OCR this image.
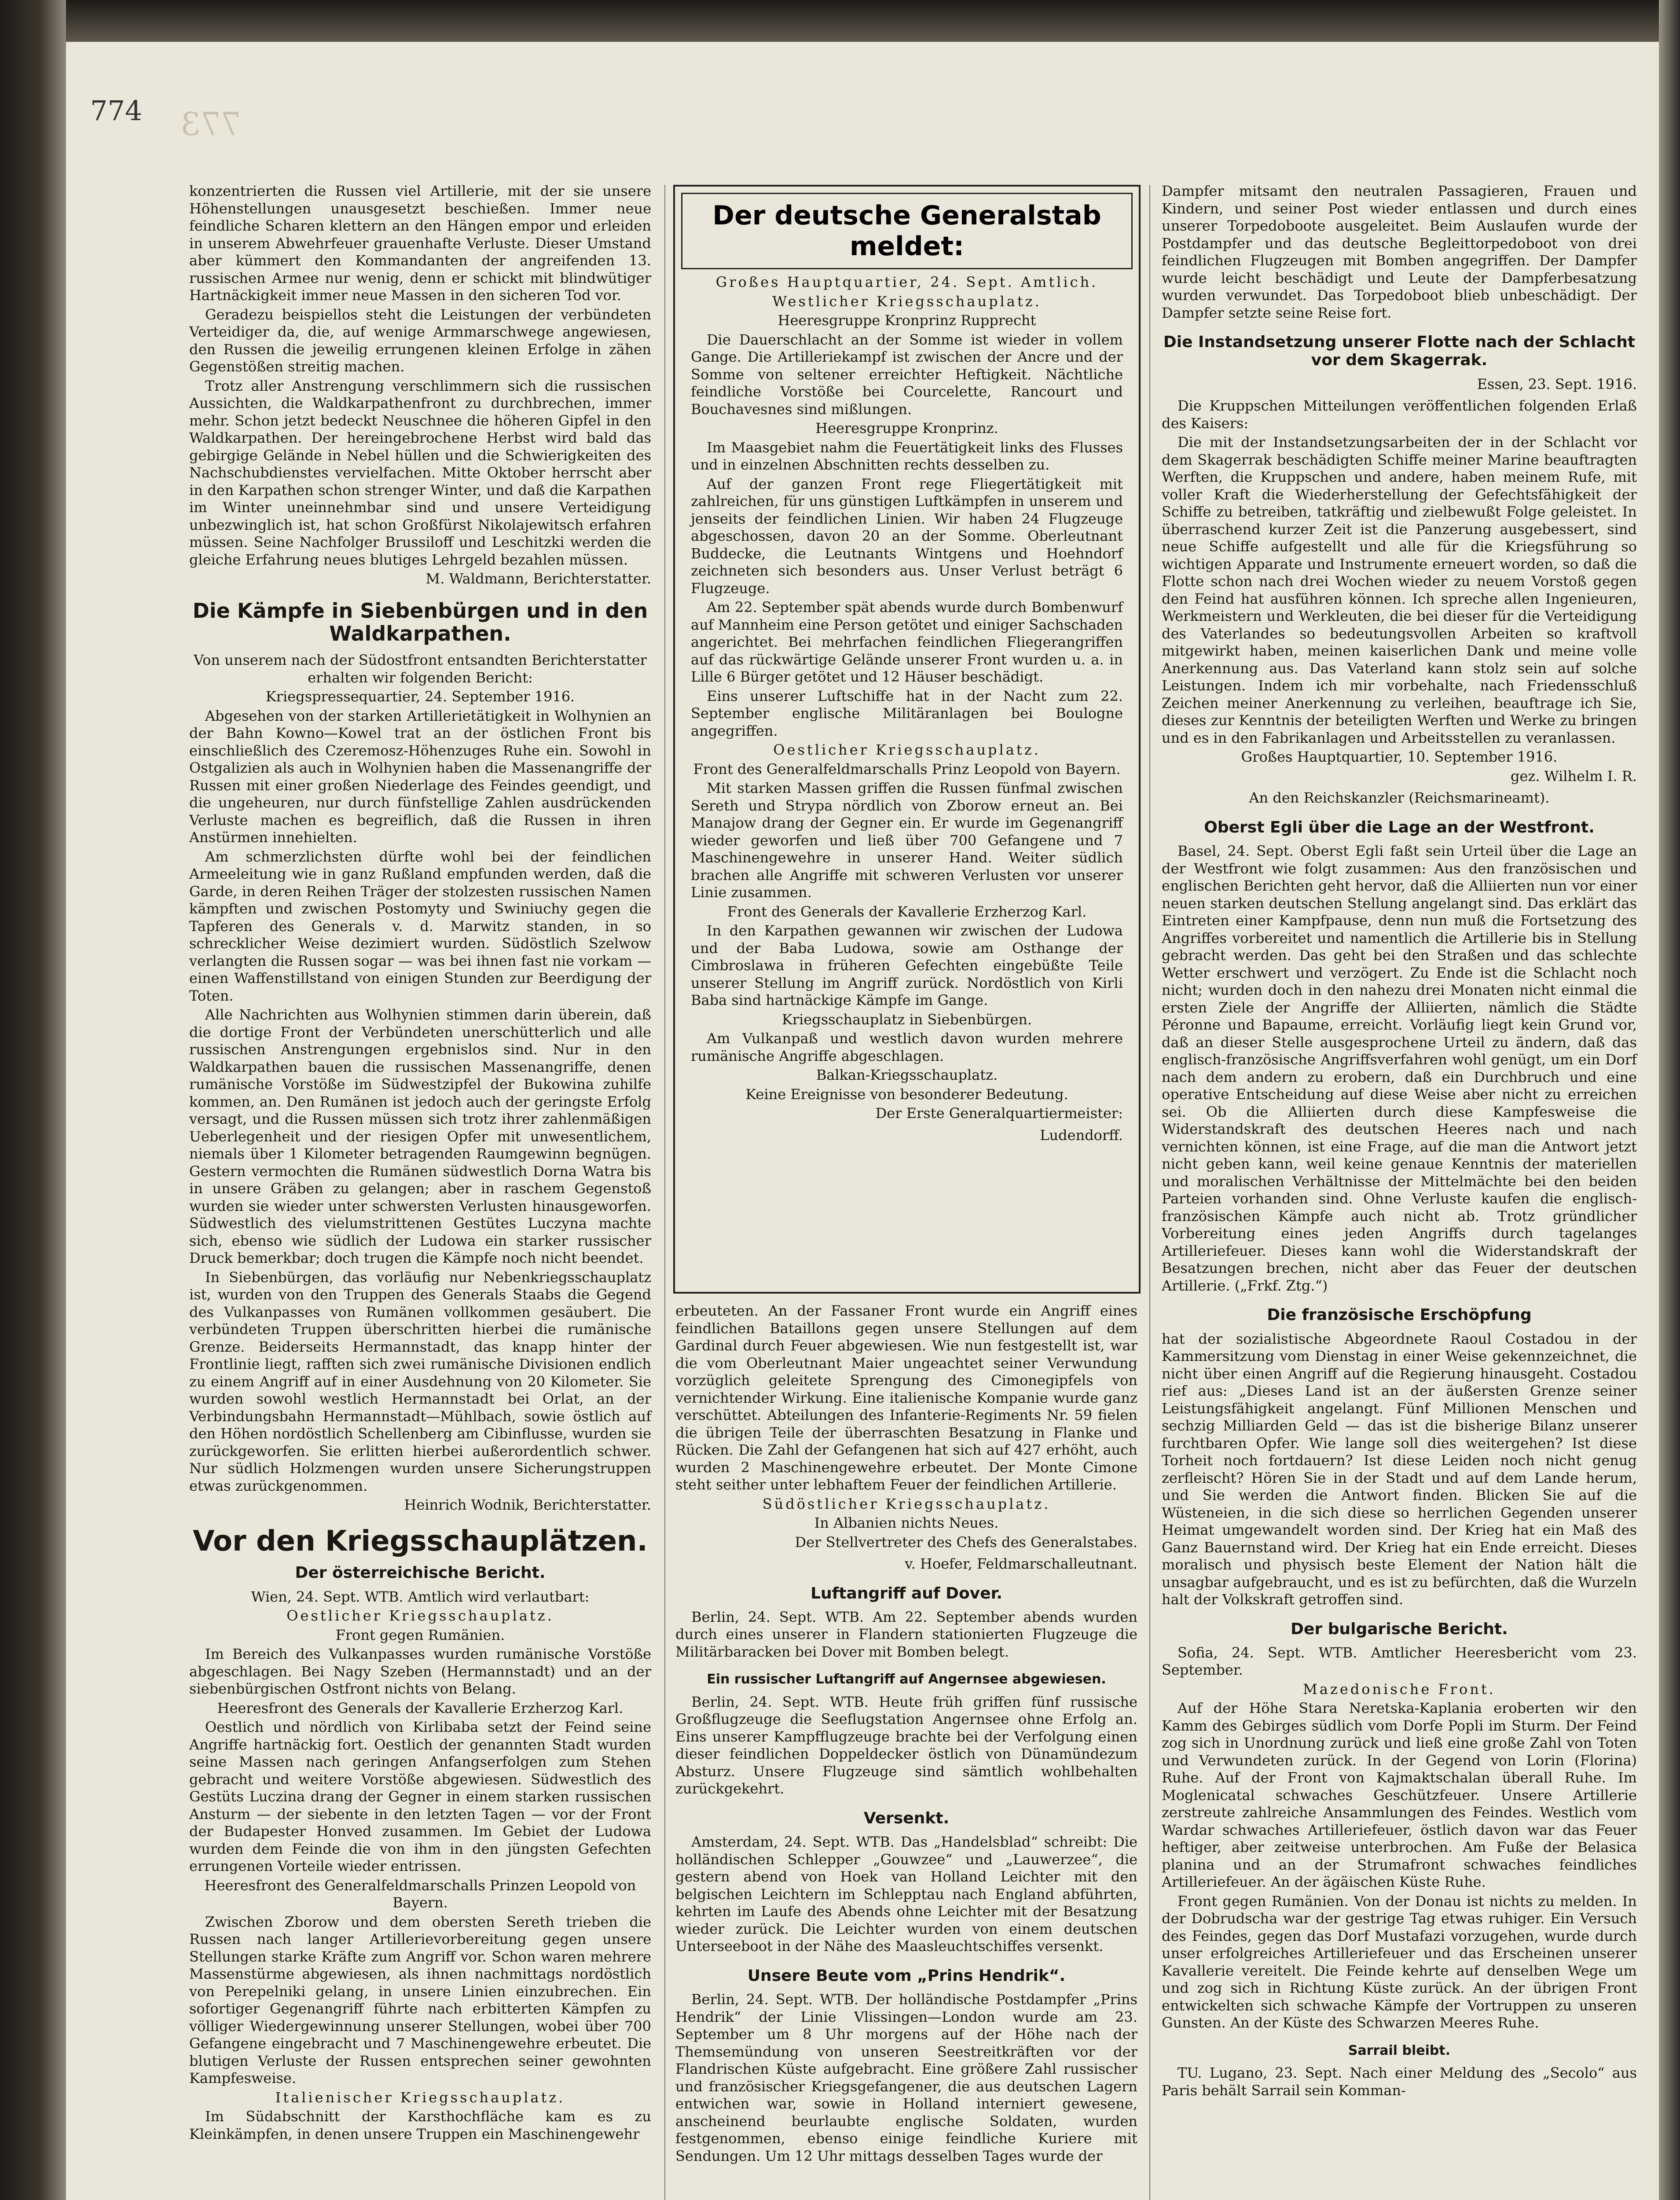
774 773

konzentrierten die Russen viel Artillerie, mit der sie unsere Höhenstellungen unausgesetzt beschießen. Immer neue feindliche Scharen klettern an den Hängen empor und erleiden in unserem Abwehrfeuer grauenhafte Verluste. Dieser Umstand aber kümmert den Kommandanten der angreifenden 13. russischen Armee nur wenig, denn er schickt mit blindwütiger Hartnäckigkeit immer neue Massen in den sicheren Tod vor.

Geradezu beispiellos steht die Leistungen der verbündeten Verteidiger da, die, auf wenige Armmarschwege angewiesen, den Russen die jeweilig errungenen kleinen Erfolge in zähen Gegenstößen streitig machen.

Trotz aller Anstrengung verschlimmern sich die russischen Aussichten, die Waldkarpathenfront zu durchbrechen, immer mehr. Schon jetzt bedeckt Neuschnee die höheren Gipfel in den Waldkarpathen. Der hereingebrochene Herbst wird bald das gebirgige Gelände in Nebel hüllen und die Schwierigkeiten des Nachschubdienstes vervielfachen. Mitte Oktober herrscht aber in den Karpathen schon strenger Winter, und daß die Karpathen im Winter uneinnehmbar sind und unsere Verteidigung unbezwinglich ist, hat schon Großfürst Nikolajewitsch erfahren müssen. Seine Nachfolger Brussiloff und Leschitzki werden die gleiche Erfahrung neues blutiges Lehrgeld bezahlen müssen.

M. Waldmann, Berichterstatter.
Die Kämpfe in Siebenbürgen und in den Waldkarpathen.
Von unserem nach der Südostfront entsandten Berichterstatter erhalten wir folgenden Bericht:
Kriegspressequartier, 24. September 1916.

Abgesehen von der starken Artillerietätigkeit in Wolhynien an der Bahn Kowno—Kowel trat an der östlichen Front bis einschließlich des Czeremosz-Höhenzuges Ruhe ein. Sowohl in Ostgalizien als auch in Wolhynien haben die Massenangriffe der Russen mit einer großen Niederlage des Feindes geendigt, und die ungeheuren, nur durch fünfstellige Zahlen ausdrückenden Verluste machen es begreiflich, daß die Russen in ihren Anstürmen innehielten.

Am schmerzlichsten dürfte wohl bei der feindlichen Armeeleitung wie in ganz Rußland empfunden werden, daß die Garde, in deren Reihen Träger der stolzesten russischen Namen kämpften und zwischen Postomyty und Swiniuchy gegen die Tapferen des Generals v. d. Marwitz standen, in so schrecklicher Weise dezimiert wurden. Südöstlich Szelwow verlangten die Russen sogar — was bei ihnen fast nie vorkam — einen Waffenstillstand von einigen Stunden zur Beerdigung der Toten.

Alle Nachrichten aus Wolhynien stimmen darin überein, daß die dortige Front der Verbündeten unerschütterlich und alle russischen Anstrengungen ergebnislos sind. Nur in den Waldkarpathen bauen die russischen Massenangriffe, denen rumänische Vorstöße im Südwestzipfel der Bukowina zuhilfe kommen, an. Den Rumänen ist jedoch auch der geringste Erfolg versagt, und die Russen müssen sich trotz ihrer zahlenmäßigen Ueberlegenheit und der riesigen Opfer mit unwesentlichem, niemals über 1 Kilometer betragenden Raumgewinn begnügen. Gestern vermochten die Rumänen südwestlich Dorna Watra bis in unsere Gräben zu gelangen; aber in raschem Gegenstoß wurden sie wieder unter schwersten Verlusten hinausgeworfen. Südwestlich des vielumstrittenen Gestütes Luczyna machte sich, ebenso wie südlich der Ludowa ein starker russischer Druck bemerkbar; doch trugen die Kämpfe noch nicht beendet.

In Siebenbürgen, das vorläufig nur Nebenkriegsschauplatz ist, wurden von den Truppen des Generals Staabs die Gegend des Vulkanpasses von Rumänen vollkommen gesäubert. Die verbündeten Truppen überschritten hierbei die rumänische Grenze. Beiderseits Hermannstadt, das knapp hinter der Frontlinie liegt, rafften sich zwei rumänische Divisionen endlich zu einem Angriff auf in einer Ausdehnung von 20 Kilometer. Sie wurden sowohl westlich Hermannstadt bei Orlat, an der Verbindungsbahn Hermannstadt—Mühlbach, sowie östlich auf den Höhen nordöstlich Schellenberg am Cibinflusse, wurden sie zurückgeworfen. Sie erlitten hierbei außerordentlich schwer. Nur südlich Holzmengen wurden unsere Sicherungstruppen etwas zurückgenommen.

Heinrich Wodnik, Berichterstatter.
Vor den Kriegsschauplätzen.
Der österreichische Bericht.
Wien, 24. Sept. WTB. Amtlich wird verlautbart:
Oestlicher Kriegsschauplatz.
Front gegen Rumänien.

Im Bereich des Vulkanpasses wurden rumänische Vorstöße abgeschlagen. Bei Nagy Szeben (Hermannstadt) und an der siebenbürgischen Ostfront nichts von Belang.

Heeresfront des Generals der Kavallerie Erzherzog Karl.

Oestlich und nördlich von Kirlibaba setzt der Feind seine Angriffe hartnäckig fort. Oestlich der genannten Stadt wurden seine Massen nach geringen Anfangserfolgen zum Stehen gebracht und weitere Vorstöße abgewiesen. Südwestlich des Gestüts Luczina drang der Gegner in einem starken russischen Ansturm — der siebente in den letzten Tagen — vor der Front der Budapester Honved zusammen. Im Gebiet der Ludowa wurden dem Feinde die von ihm in den jüngsten Gefechten errungenen Vorteile wieder entrissen.

Heeresfront des Generalfeldmarschalls Prinzen Leopold von Bayern.

Zwischen Zborow und dem obersten Sereth trieben die Russen nach langer Artillerievorbereitung gegen unsere Stellungen starke Kräfte zum Angriff vor. Schon waren mehrere Massenstürme abgewiesen, als ihnen nachmittags nordöstlich von Perepelniki gelang, in unsere Linien einzubrechen. Ein sofortiger Gegenangriff führte nach erbitterten Kämpfen zu völliger Wiedergewinnung unserer Stellungen, wobei über 700 Gefangene eingebracht und 7 Maschinengewehre erbeutet. Die blutigen Verluste der Russen entsprechen seiner gewohnten Kampfesweise.

Italienischer Kriegsschauplatz.

Im Südabschnitt der Karsthochfläche kam es zu Kleinkämpfen, in denen unsere Truppen ein Maschinengewehr

Der deutsche Generalstab meldet:
Großes Hauptquartier, 24. Sept. Amtlich.
Westlicher Kriegsschauplatz.
Heeresgruppe Kronprinz Rupprecht

Die Dauerschlacht an der Somme ist wieder in vollem Gange. Die Artilleriekampf ist zwischen der Ancre und der Somme von seltener erreichter Heftigkeit. Nächtliche feindliche Vorstöße bei Courcelette, Rancourt und Bouchavesnes sind mißlungen.

Heeresgruppe Kronprinz.

Im Maasgebiet nahm die Feuertätigkeit links des Flusses und in einzelnen Abschnitten rechts desselben zu.

Auf der ganzen Front rege Fliegertätigkeit mit zahlreichen, für uns günstigen Luftkämpfen in unserem und jenseits der feindlichen Linien. Wir haben 24 Flugzeuge abgeschossen, davon 20 an der Somme. Oberleutnant Buddecke, die Leutnants Wintgens und Hoehndorf zeichneten sich besonders aus. Unser Verlust beträgt 6 Flugzeuge.

Am 22. September spät abends wurde durch Bombenwurf auf Mannheim eine Person getötet und einiger Sachschaden angerichtet. Bei mehrfachen feindlichen Fliegerangriffen auf das rückwärtige Gelände unserer Front wurden u. a. in Lille 6 Bürger getötet und 12 Häuser beschädigt.

Eins unserer Luftschiffe hat in der Nacht zum 22. September englische Militäranlagen bei Boulogne angegriffen.

Oestlicher Kriegsschauplatz.
Front des Generalfeldmarschalls Prinz Leopold von Bayern.

Mit starken Massen griffen die Russen fünfmal zwischen Sereth und Strypa nördlich von Zborow erneut an. Bei Manajow drang der Gegner ein. Er wurde im Gegenangriff wieder geworfen und ließ über 700 Gefangene und 7 Maschinengewehre in unserer Hand. Weiter südlich brachen alle Angriffe mit schweren Verlusten vor unserer Linie zusammen.

Front des Generals der Kavallerie Erzherzog Karl.

In den Karpathen gewannen wir zwischen der Ludowa und der Baba Ludowa, sowie am Osthange der Cimbroslawa in früheren Gefechten eingebüßte Teile unserer Stellung im Angriff zurück. Nordöstlich von Kirli Baba sind hartnäckige Kämpfe im Gange.

Kriegsschauplatz in Siebenbürgen.

Am Vulkanpaß und westlich davon wurden mehrere rumänische Angriffe abgeschlagen.

Balkan-Kriegsschauplatz.
Keine Ereignisse von besonderer Bedeutung.
Der Erste Generalquartiermeister:
Ludendorff.

erbeuteten. An der Fassaner Front wurde ein Angriff eines feindlichen Bataillons gegen unsere Stellungen auf dem Gardinal durch Feuer abgewiesen. Wie nun festgestellt ist, war die vom Oberleutnant Maier ungeachtet seiner Verwundung vorzüglich geleitete Sprengung des Cimonegipfels von vernichtender Wirkung. Eine italienische Kompanie wurde ganz verschüttet. Abteilungen des Infanterie-Regiments Nr. 59 fielen die übrigen Teile der überraschten Besatzung in Flanke und Rücken. Die Zahl der Gefangenen hat sich auf 427 erhöht, auch wurden 2 Maschinengewehre erbeutet. Der Monte Cimone steht seither unter lebhaftem Feuer der feindlichen Artillerie.

Südöstlicher Kriegsschauplatz.
In Albanien nichts Neues.
Der Stellvertreter des Chefs des Generalstabes.
v. Hoefer, Feldmarschalleutnant.
Luftangriff auf Dover.

Berlin, 24. Sept. WTB. Am 22. September abends wurden durch eines unserer in Flandern stationierten Flugzeuge die Militärbaracken bei Dover mit Bomben belegt.

Ein russischer Luftangriff auf Angernsee abgewiesen.

Berlin, 24. Sept. WTB. Heute früh griffen fünf russische Großflugzeuge die Seeflugstation Angernsee ohne Erfolg an. Eins unserer Kampfflugzeuge brachte bei der Verfolgung einen dieser feindlichen Doppeldecker östlich von Dünamündezum Absturz. Unsere Flugzeuge sind sämtlich wohlbehalten zurückgekehrt.

Versenkt.

Amsterdam, 24. Sept. WTB. Das „Handelsblad“ schreibt: Die holländischen Schlepper „Gouwzee“ und „Lauwerzee“, die gestern abend von Hoek van Holland Leichter mit den belgischen Leichtern im Schlepptau nach England abführten, kehrten im Laufe des Abends ohne Leichter mit der Besatzung wieder zurück. Die Leichter wurden von einem deutschen Unterseeboot in der Nähe des Maasleuchtschiffes versenkt.

Unsere Beute vom „Prins Hendrik“.

Berlin, 24. Sept. WTB. Der holländische Postdampfer „Prins Hendrik“ der Linie Vlissingen—London wurde am 23. September um 8 Uhr morgens auf der Höhe nach der Themsemündung von unseren Seestreitkräften vor der Flandrischen Küste aufgebracht. Eine größere Zahl russischer und französischer Kriegsgefangener, die aus deutschen Lagern entwichen war, sowie in Holland interniert gewesene, anscheinend beurlaubte englische Soldaten, wurden festgenommen, ebenso einige feindliche Kuriere mit Sendungen. Um 12 Uhr mittags desselben Tages wurde der

Dampfer mitsamt den neutralen Passagieren, Frauen und Kindern, und seiner Post wieder entlassen und durch eines unserer Torpedoboote ausgeleitet. Beim Auslaufen wurde der Postdampfer und das deutsche Begleittorpedoboot von drei feindlichen Flugzeugen mit Bomben angegriffen. Der Dampfer wurde leicht beschädigt und Leute der Dampferbesatzung wurden verwundet. Das Torpedoboot blieb unbeschädigt. Der Dampfer setzte seine Reise fort.

Die Instandsetzung unserer Flotte nach der Schlacht vor dem Skagerrak.
Essen, 23. Sept. 1916.

Die Kruppschen Mitteilungen veröffentlichen folgenden Erlaß des Kaisers:

Die mit der Instandsetzungsarbeiten der in der Schlacht vor dem Skagerrak beschädigten Schiffe meiner Marine beauftragten Werften, die Kruppschen und andere, haben meinem Rufe, mit voller Kraft die Wiederherstellung der Gefechtsfähigkeit der Schiffe zu betreiben, tatkräftig und zielbewußt Folge geleistet. In überraschend kurzer Zeit ist die Panzerung ausgebessert, sind neue Schiffe aufgestellt und alle für die Kriegsführung so wichtigen Apparate und Instrumente erneuert worden, so daß die Flotte schon nach drei Wochen wieder zu neuem Vorstoß gegen den Feind hat ausführen können. Ich spreche allen Ingenieuren, Werkmeistern und Werkleuten, die bei dieser für die Verteidigung des Vaterlandes so bedeutungsvollen Arbeiten so kraftvoll mitgewirkt haben, meinen kaiserlichen Dank und meine volle Anerkennung aus. Das Vaterland kann stolz sein auf solche Leistungen. Indem ich mir vorbehalte, nach Friedensschluß Zeichen meiner Anerkennung zu verleihen, beauftrage ich Sie, dieses zur Kenntnis der beteiligten Werften und Werke zu bringen und es in den Fabrikanlagen und Arbeitsstellen zu veranlassen.

Großes Hauptquartier, 10. September 1916.
gez. Wilhelm I. R.
An den Reichskanzler (Reichsmarineamt).
Oberst Egli über die Lage an der Westfront.

Basel, 24. Sept. Oberst Egli faßt sein Urteil über die Lage an der Westfront wie folgt zusammen: Aus den französischen und englischen Berichten geht hervor, daß die Alliierten nun vor einer neuen starken deutschen Stellung angelangt sind. Das erklärt das Eintreten einer Kampfpause, denn nun muß die Fortsetzung des Angriffes vorbereitet und namentlich die Artillerie bis in Stellung gebracht werden. Das geht bei den Straßen und das schlechte Wetter erschwert und verzögert. Zu Ende ist die Schlacht noch nicht; wurden doch in den nahezu drei Monaten nicht einmal die ersten Ziele der Angriffe der Alliierten, nämlich die Städte Péronne und Bapaume, erreicht. Vorläufig liegt kein Grund vor, daß an dieser Stelle ausgesprochene Urteil zu ändern, daß das englisch-französische Angriffsverfahren wohl genügt, um ein Dorf nach dem andern zu erobern, daß ein Durchbruch und eine operative Entscheidung auf diese Weise aber nicht zu erreichen sei. Ob die Alliierten durch diese Kampfesweise die Widerstandskraft des deutschen Heeres nach und nach vernichten können, ist eine Frage, auf die man die Antwort jetzt nicht geben kann, weil keine genaue Kenntnis der materiellen und moralischen Verhältnisse der Mittelmächte bei den beiden Parteien vorhanden sind. Ohne Verluste kaufen die englisch-französischen Kämpfe auch nicht ab. Trotz gründlicher Vorbereitung eines jeden Angriffs durch tagelanges Artilleriefeuer. Dieses kann wohl die Widerstandskraft der Besatzungen brechen, nicht aber das Feuer der deutschen Artillerie. („Frkf. Ztg.“)

Die französische Erschöpfung

hat der sozialistische Abgeordnete Raoul Costadou in der Kammersitzung vom Dienstag in einer Weise gekennzeichnet, die nicht über einen Angriff auf die Regierung hinausgeht. Costadou rief aus: „Dieses Land ist an der äußersten Grenze seiner Leistungsfähigkeit angelangt. Fünf Millionen Menschen und sechzig Milliarden Geld — das ist die bisherige Bilanz unserer furchtbaren Opfer. Wie lange soll dies weitergehen? Ist diese Torheit noch fortdauern? Ist diese Leiden noch nicht genug zerfleischt? Hören Sie in der Stadt und auf dem Lande herum, und Sie werden die Antwort finden. Blicken Sie auf die Wüsteneien, in die sich diese so herrlichen Gegenden unserer Heimat umgewandelt worden sind. Der Krieg hat ein Maß des Ganz Bauernstand wird. Der Krieg hat ein Ende erreicht. Dieses moralisch und physisch beste Element der Nation hält die unsagbar aufgebraucht, und es ist zu befürchten, daß die Wurzeln halt der Volkskraft getroffen sind.

Der bulgarische Bericht.

Sofia, 24. Sept. WTB. Amtlicher Heeresbericht vom 23. September.

Mazedonische Front.

Auf der Höhe Stara Neretska-Kaplania eroberten wir den Kamm des Gebirges südlich vom Dorfe Popli im Sturm. Der Feind zog sich in Unordnung zurück und ließ eine große Zahl von Toten und Verwundeten zurück. In der Gegend von Lorin (Florina) Ruhe. Auf der Front von Kajmaktschalan überall Ruhe. Im Moglenicatal schwaches Geschützfeuer. Unsere Artillerie zerstreute zahlreiche Ansammlungen des Feindes. Westlich vom Wardar schwaches Artilleriefeuer, östlich davon war das Feuer heftiger, aber zeitweise unterbrochen. Am Fuße der Belasica planina und an der Strumafront schwaches feindliches Artilleriefeuer. An der ägäischen Küste Ruhe.

Front gegen Rumänien. Von der Donau ist nichts zu melden. In der Dobrudscha war der gestrige Tag etwas ruhiger. Ein Versuch des Feindes, gegen das Dorf Mustafazi vorzugehen, wurde durch unser erfolgreiches Artilleriefeuer und das Erscheinen unserer Kavallerie vereitelt. Die Feinde kehrte auf denselben Wege um und zog sich in Richtung Küste zurück. An der übrigen Front entwickelten sich schwache Kämpfe der Vortruppen zu unseren Gunsten. An der Küste des Schwarzen Meeres Ruhe.

Sarrail bleibt.

TU. Lugano, 23. Sept. Nach einer Meldung des „Secolo“ aus Paris behält Sarrail sein Komman-
